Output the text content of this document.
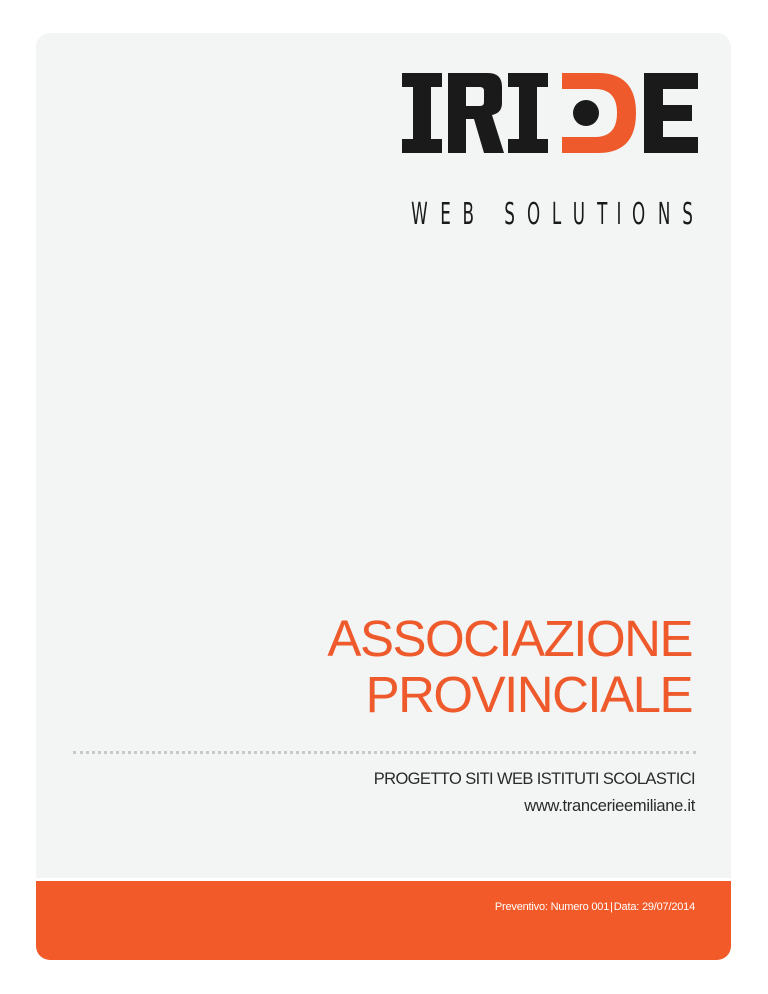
W E B S O L U T I O N S
ASSOCIAZIONE
PROVINCIALE
PROGETTO SITI WEB ISTITUTI SCOLASTICI
www.trancerieemiliane.it
Preventivo: Numero 001|Data: 29/07/2014
